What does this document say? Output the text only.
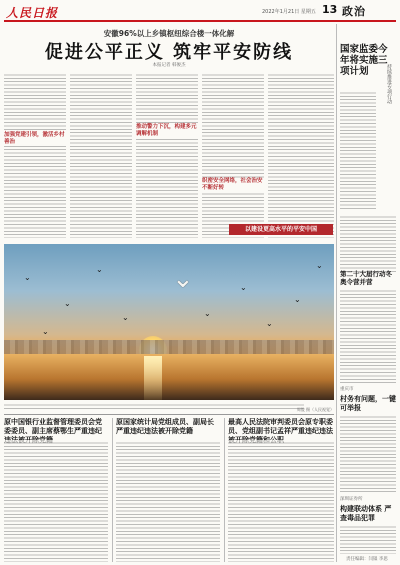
人民日报	2022年1月21日 星期五 13 政治
安徽96%以上乡镇枢纽综合楼一体化解
促进公平正义 筑牢平安防线
本报记者 韩俊杰
加强党建引领，激活乡村善治
推动警力下沉，构建多元调解机制
织密安全网络，社会治安不断好转
以建设更高水平的平安中国
国家监委今年将实施三项计划	持续推进专项行动
第二十大届行动冬奥令营并营
重庆市
村务有问题，一键可举报
深圳证券所
构建联动体系 严查毒品犯罪
责任编辑：闫韫 李思
⌄
⌄
⌄
⌄
⌄	⌄
⌄
⌄
⌄
⌄
⌄
周俊 摄（人民视觉）
原中国银行业监督管理委员会党委委员、副主席蔡鄂生严重违纪
原国家统计局党组成员、副局长严重违纪违法被开除党籍
最高人民法院审判委员会原专职委员、党组副书记孟祥严重违纪违法
